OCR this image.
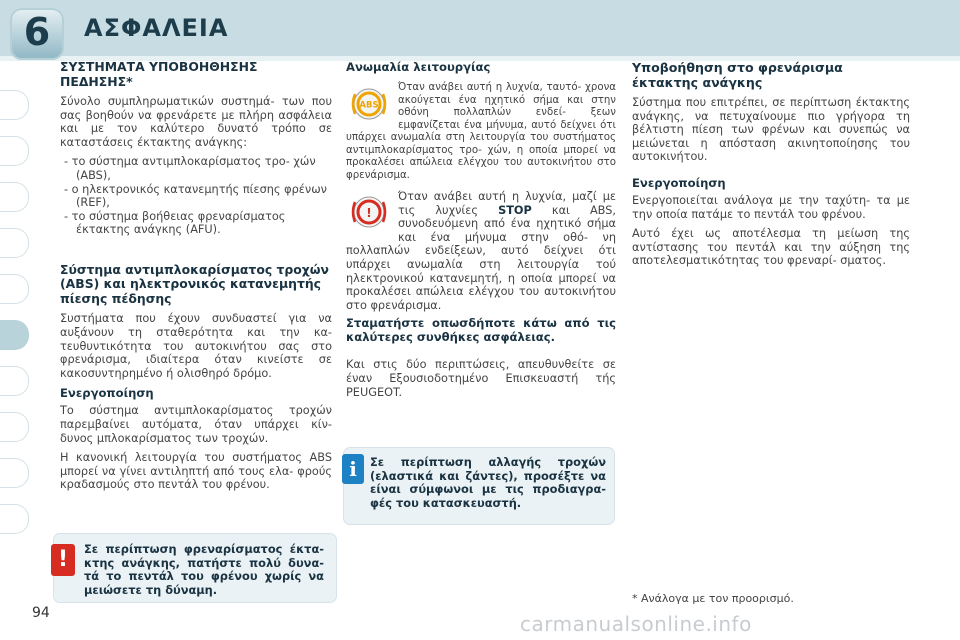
6	ΑΣΦΑΛΕΙΑ
ΣΥΣΤΗΜΑΤΑ ΥΠΟΒΟΗΘΗΣΗΣ ΠΕΔΗΣΗΣ*

Σύνολο συμπληρωματικών συστημά- των που σας βοηθούν να φρενάρετε με πλήρη ασφάλεια και με τον καλύτερο δυνατό τρόπο σε καταστάσεις έκτακτης ανάγκης:

- το σύστημα αντιμπλοκαρίσματος τρο- χών (ABS),
- ο ηλεκτρονικός κατανεμητής πίεσης φρένων (REF),
- το σύστημα βοήθειας φρεναρίσματος έκτακτης ανάγκης (AFU).
Σύστημα αντιμπλοκαρίσματος τροχών (ABS) και ηλεκτρονικός κατανεμητής πίεσης πέδησης

Συστήματα που έχουν συνδυαστεί για να αυξάνουν τη σταθερότητα και την κα- τευθυντικότητα του αυτοκινήτου σας στο φρενάρισμα, ιδιαίτερα όταν κινείστε σε κακοσυντηρημένο ή ολισθηρό δρόμο.

Ενεργοποίηση

Το σύστημα αντιμπλοκαρίσματος τροχών παρεμβαίνει αυτόματα, όταν υπάρχει κίν- δυνος μπλοκαρίσματος των τροχών.

Η κανονική λειτουργία του συστήματος ABS μπορεί να γίνει αντιληπτή από τους ελα- φρούς κραδασμούς στο πεντάλ του φρένου.

!	Σε περίπτωση φρεναρίσματος έκτα- κτης ανάγκης, πατήστε πολύ δυνα- τά το πεντάλ του φρένου χωρίς να μειώσετε τη δύναμη.
Ανωμαλία λειτουργίας
ABS
Όταν ανάβει αυτή η λυχνία, ταυτό- χρονα ακούγεται ένα ηχητικό σήμα και στην οθόνη πολλαπλών ενδεί- ξεων εμφανίζεται ένα μήνυμα, αυτό δείχνει ότι υπάρχει ανωμαλία στη λειτουργία του συστήματος αντιμπλοκαρίσματος τρο- χών, η οποία μπορεί να προκαλέσει απώλεια ελέγχου του αυτοκινήτου στο φρενάρισμα.
!
Όταν ανάβει αυτή η λυχνία, μαζί με τις λυχνίες STOP και ABS, συνοδευόμενη από ένα ηχητικό σήμα και ένα μήνυμα στην οθό- νη πολλαπλών ενδείξεων, αυτό δείχνει ότι υπάρχει ανωμαλία στη λειτουργία τού ηλεκτρονικού κατανεμητή, η οποία μπορεί να προκαλέσει απώλεια ελέγχου του αυτοκινήτου στο φρενάρισμα.
Σταματήστε οπωσδήποτε κάτω από τις καλύτερες συνθήκες ασφάλειας.

Και στις δύο περιπτώσεις, απευθυνθείτε σε έναν Εξουσιοδοτημένο Επισκευαστή τής PEUGEOT.

i	Σε περίπτωση αλλαγής τροχών (ελαστικά και ζάντες), προσέξτε να είναι σύμφωνοι με τις προδιαγρα- φές του κατασκευαστή.
Υποβοήθηση στο φρενάρισμα έκτακτης ανάγκης

Σύστημα που επιτρέπει, σε περίπτωση έκτακτης ανάγκης, να πετυχαίνουμε πιο γρήγορα τη βέλτιστη πίεση των φρένων και συνεπώς να μειώνεται η απόσταση ακινητοποίησης του αυτοκινήτου.

Ενεργοποίηση

Ενεργοποιείται ανάλογα με την ταχύτη- τα με την οποία πατάμε το πεντάλ του φρένου.

Αυτό έχει ως αποτέλεσμα τη μείωση της αντίστασης του πεντάλ και την αύξηση της αποτελεσματικότητας του φρεναρί- σματος.

* Ανάλογα με τον προορισμό.
94	carmanualsonline.info
